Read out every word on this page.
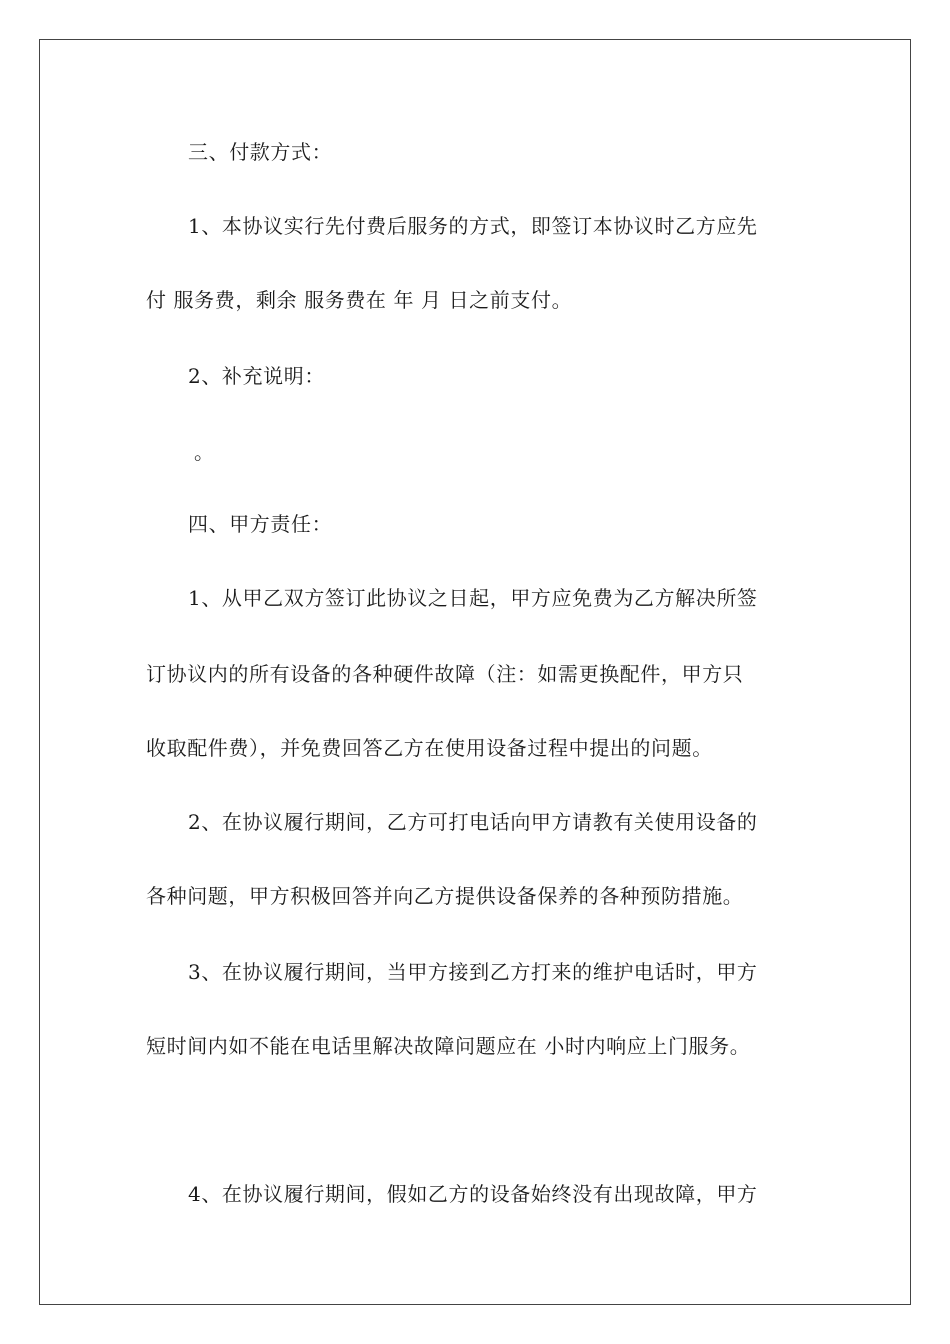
三、付款方式：
1、本协议实行先付费后服务的方式，即签订本协议时乙方应先
付 服务费，剩余 服务费在 年 月 日之前支付。
2、补充说明：
。
四、甲方责任：
1、从甲乙双方签订此协议之日起，甲方应免费为乙方解决所签
订协议内的所有设备的各种硬件故障（注：如需更换配件，甲方只
收取配件费），并免费回答乙方在使用设备过程中提出的问题。
2、在协议履行期间，乙方可打电话向甲方请教有关使用设备的
各种问题，甲方积极回答并向乙方提供设备保养的各种预防措施。
3、在协议履行期间，当甲方接到乙方打来的维护电话时，甲方
短时间内如不能在电话里解决故障问题应在 小时内响应上门服务。
4、在协议履行期间，假如乙方的设备始终没有出现故障，甲方
